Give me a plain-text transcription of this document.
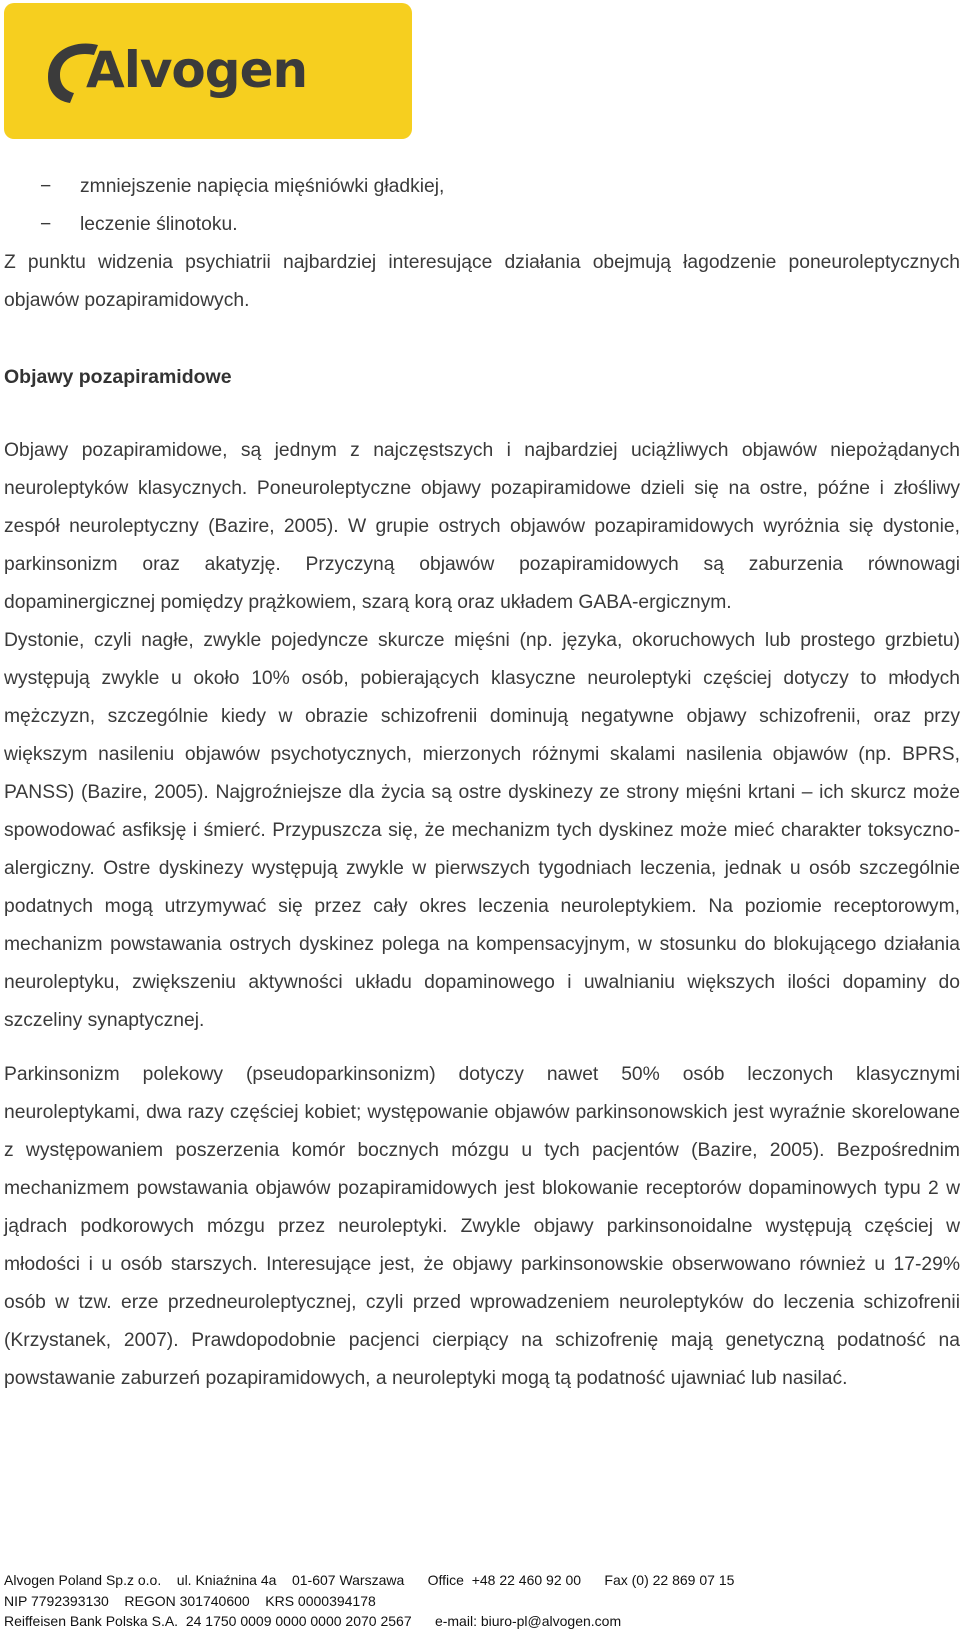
Alvogen
− zmniejszenie napięcia mięśniówki gładkiej,
− leczenie ślinotoku.

Z punktu widzenia psychiatrii najbardziej interesujące działania obejmują łagodzenie poneuroleptycznych objawów pozapiramidowych.

Objawy pozapiramidowe

Objawy pozapiramidowe, są jednym z najczęstszych i najbardziej uciążliwych objawów niepożądanych neuroleptyków klasycznych. Poneuroleptyczne objawy pozapiramidowe dzieli się na ostre, późne i złośliwy zespół neuroleptyczny (Bazire, 2005). W grupie ostrych objawów pozapiramidowych wyróżnia się dystonie, parkinsonizm oraz akatyzję. Przyczyną objawów pozapiramidowych są zaburzenia równowagi dopaminergicznej pomiędzy prążkowiem, szarą korą oraz układem GABA-ergicznym.

Dystonie, czyli nagłe, zwykle pojedyncze skurcze mięśni (np. języka, okoruchowych lub prostego grzbietu) występują zwykle u około 10% osób, pobierających klasyczne neuroleptyki częściej dotyczy to młodych mężczyzn, szczególnie kiedy w obrazie schizofrenii dominują negatywne objawy schizofrenii, oraz przy większym nasileniu objawów psychotycznych, mierzonych różnymi skalami nasilenia objawów (np. BPRS, PANSS) (Bazire, 2005). Najgroźniejsze dla życia są ostre dyskinezy ze strony mięśni krtani – ich skurcz może spowodować asfiksję i śmierć. Przypuszcza się, że mechanizm tych dyskinez może mieć charakter toksyczno-alergiczny. Ostre dyskinezy występują zwykle w pierwszych tygodniach leczenia, jednak u osób szczególnie podatnych mogą utrzymywać się przez cały okres leczenia neuroleptykiem. Na poziomie receptorowym, mechanizm powstawania ostrych dyskinez polega na kompensacyjnym, w stosunku do blokującego działania neuroleptyku, zwiększeniu aktywności układu dopaminowego i uwalnianiu większych ilości dopaminy do szczeliny synaptycznej.

Parkinsonizm polekowy (pseudoparkinsonizm) dotyczy nawet 50% osób leczonych klasycznymi neuroleptykami, dwa razy częściej kobiet; występowanie objawów parkinsonowskich jest wyraźnie skorelowane z występowaniem poszerzenia komór bocznych mózgu u tych pacjentów (Bazire, 2005). Bezpośrednim mechanizmem powstawania objawów pozapiramidowych jest blokowanie receptorów dopaminowych typu 2 w jądrach podkorowych mózgu przez neuroleptyki. Zwykle objawy parkinsonoidalne występują częściej w młodości i u osób starszych. Interesujące jest, że objawy parkinsonowskie obserwowano również u 17-29% osób w tzw. erze przedneuroleptycznej, czyli przed wprowadzeniem neuroleptyków do leczenia schizofrenii (Krzystanek, 2007). Prawdopodobnie pacjenci cierpiący na schizofrenię mają genetyczną podatność na powstawanie zaburzeń pozapiramidowych, a neuroleptyki mogą tą podatność ujawniać lub nasilać.

Alvogen Poland Sp.z o.o.    ul. Kniaźnina 4a    01-607 Warszawa      Office  +48 22 460 92 00      Fax (0) 22 869 07 15
NIP 7792393130    REGON 301740600    KRS 0000394178
Reiffeisen Bank Polska S.A.  24 1750 0009 0000 0000 2070 2567      e-mail: biuro-pl@alvogen.com
